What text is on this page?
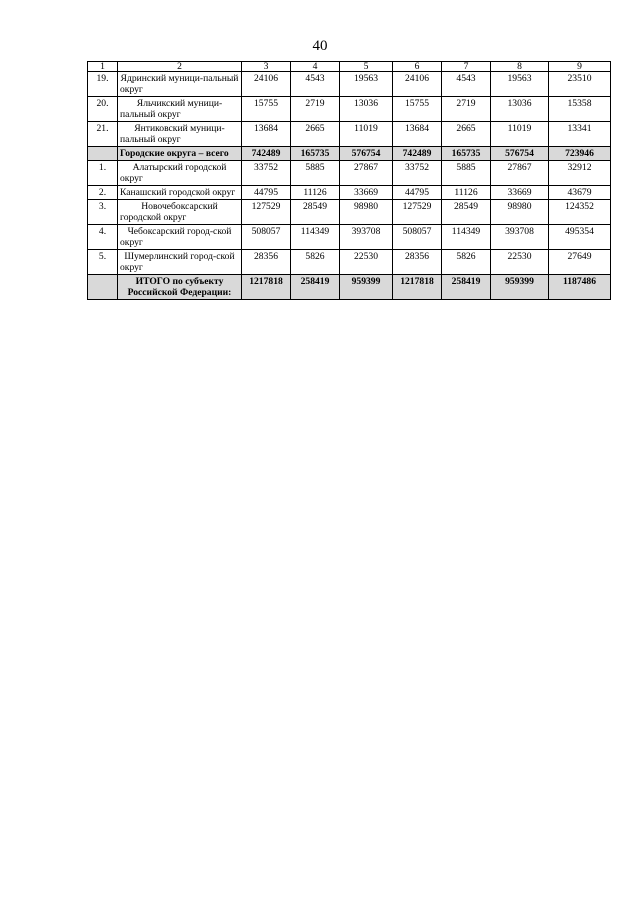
40
1	2	3	4	5	6	7	8	9
19.	Ядринский муници-пальный округ	24106	4543	19563	24106	4543	19563	23510
20.	Яльчикский муници-пальный округ	15755	2719	13036	15755	2719	13036	15358
21.	Янтиковский муници-пальный округ	13684	2665	11019	13684	2665	11019	13341
	Городские округа – всего	742489	165735	576754	742489	165735	576754	723946
1.	Алатырский городской округ	33752	5885	27867	33752	5885	27867	32912
2.	Канашский городской округ	44795	11126	33669	44795	11126	33669	43679
3.	Новочебоксарский городской округ	127529	28549	98980	127529	28549	98980	124352
4.	Чебоксарский город-ской округ	508057	114349	393708	508057	114349	393708	495354
5.	Шумерлинский город-ской округ	28356	5826	22530	28356	5826	22530	27649
	ИТОГО по субъекту Российской Федерации:	1217818	258419	959399	1217818	258419	959399	1187486
